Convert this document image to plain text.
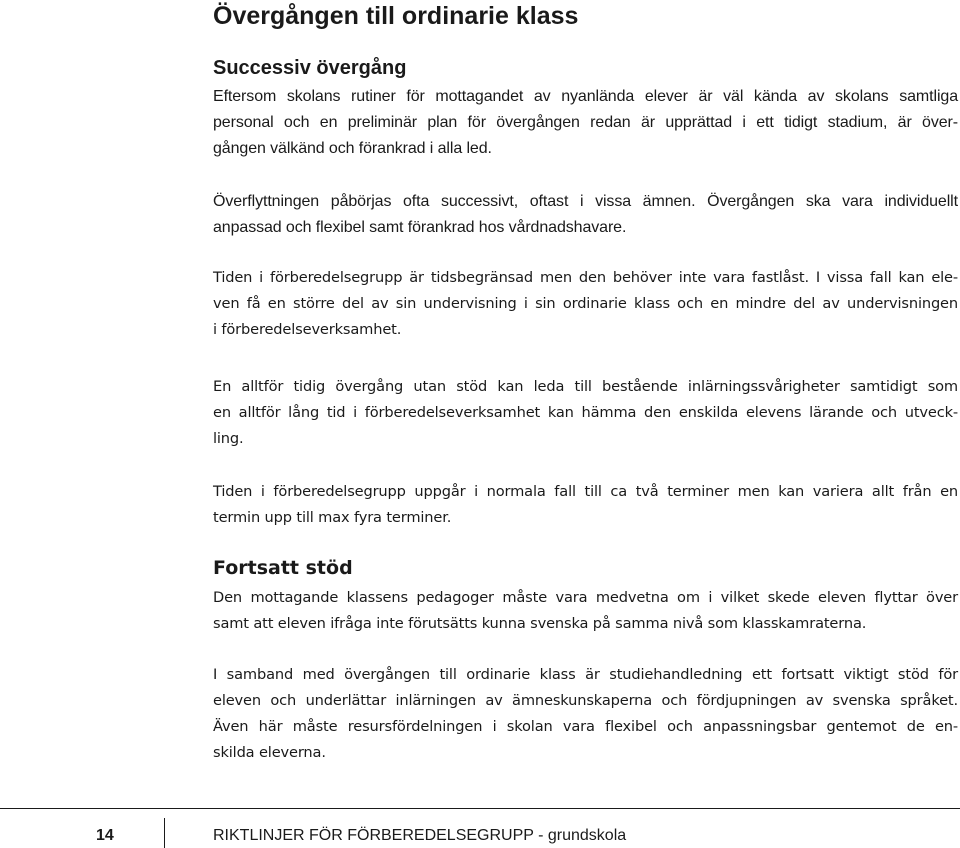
Övergången till ordinarie klass
Successiv övergång

Eftersom skolans rutiner för mottagandet av nyanlända elever är väl kända av skolans samtliga
personal och en preliminär plan för övergången redan är upprättad i ett tidigt stadium, är över-
gången välkänd och förankrad i alla led.

Överflyttningen påbörjas ofta successivt, oftast i vissa ämnen. Övergången ska vara individuellt
anpassad och flexibel samt förankrad hos vårdnadshavare.

Tiden i förberedelsegrupp är tidsbegränsad men den behöver inte vara fastlåst. I vissa fall kan ele-
ven få en större del av sin undervisning i sin ordinarie klass och en mindre del av undervisningen
i förberedelseverksamhet.

En alltför tidig övergång utan stöd kan leda till bestående inlärningssvårigheter samtidigt som
en alltför lång tid i förberedelseverksamhet kan hämma den enskilda elevens lärande och utveck-
ling.

Tiden i förberedelsegrupp uppgår i normala fall till ca två terminer men kan variera allt från en
termin upp till max fyra terminer.

Fortsatt stöd

Den mottagande klassens pedagoger måste vara medvetna om i vilket skede eleven flyttar över
samt att eleven ifråga inte förutsätts kunna svenska på samma nivå som klasskamraterna.

I samband med övergången till ordinarie klass är studiehandledning ett fortsatt viktigt stöd för
eleven och underlättar inlärningen av ämneskunskaperna och fördjupningen av svenska språket.
Även här måste resursfördelningen i skolan vara flexibel och anpassningsbar gentemot de en-
skilda eleverna.

14	RIKTLINJER FÖR FÖRBEREDELSEGRUPP - grundskola
